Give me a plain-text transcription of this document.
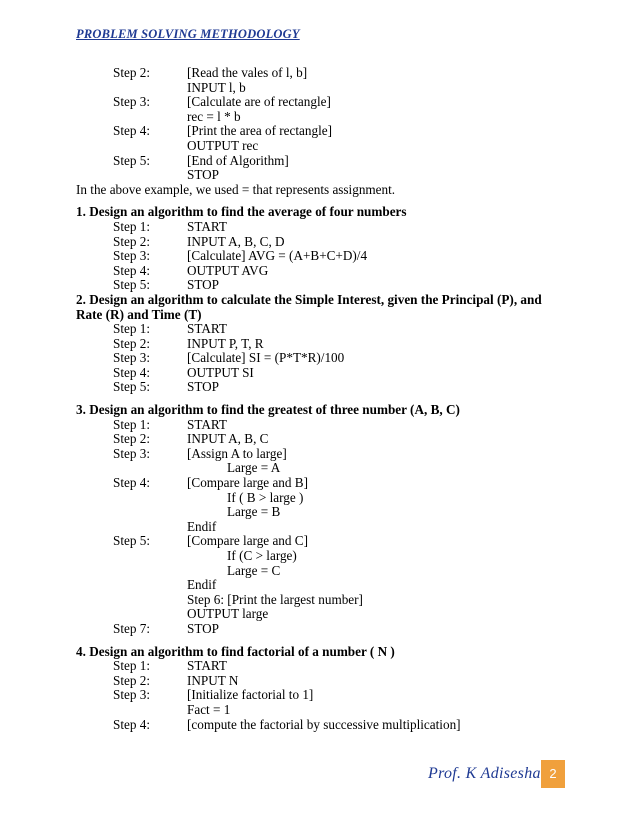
PROBLEM SOLVING METHODOLOGY
Step 2:	[Read the vales of l, b]
INPUT l, b
Step 3:	[Calculate are of rectangle]
rec = l * b
Step 4:	[Print the area of rectangle]
OUTPUT rec
Step 5:	[End of Algorithm]
STOP
In the above example, we used = that represents assignment.
1. Design an algorithm to find the average of four numbers
Step 1:	START
Step 2:	INPUT A, B, C, D
Step 3:	[Calculate] AVG = (A+B+C+D)/4
Step 4:	OUTPUT AVG
Step 5:	STOP
2. Design an algorithm to calculate the Simple Interest, given the Principal (P), and Rate (R) and Time (T)
Step 1:	START
Step 2:	INPUT P, T, R
Step 3:	[Calculate] SI = (P*T*R)/100
Step 4:	OUTPUT SI
Step 5:	STOP
3. Design an algorithm to find the greatest of three number (A, B, C)
Step 1:	START
Step 2:	INPUT A, B, C
Step 3:	[Assign A to large]
Large = A
Step 4:	[Compare large and B]
If ( B > large )
Large = B
Endif
Step 5:	[Compare large and C]
If (C > large)
Large = C
Endif
Step 6: [Print the largest number]
OUTPUT large
Step 7:	STOP
4. Design an algorithm to find factorial of a number ( N )
Step 1:	START
Step 2:	INPUT N
Step 3:	[Initialize factorial to 1]
Fact = 1
Step 4:	[compute the factorial by successive multiplication]
Prof. K Adisesha 2
